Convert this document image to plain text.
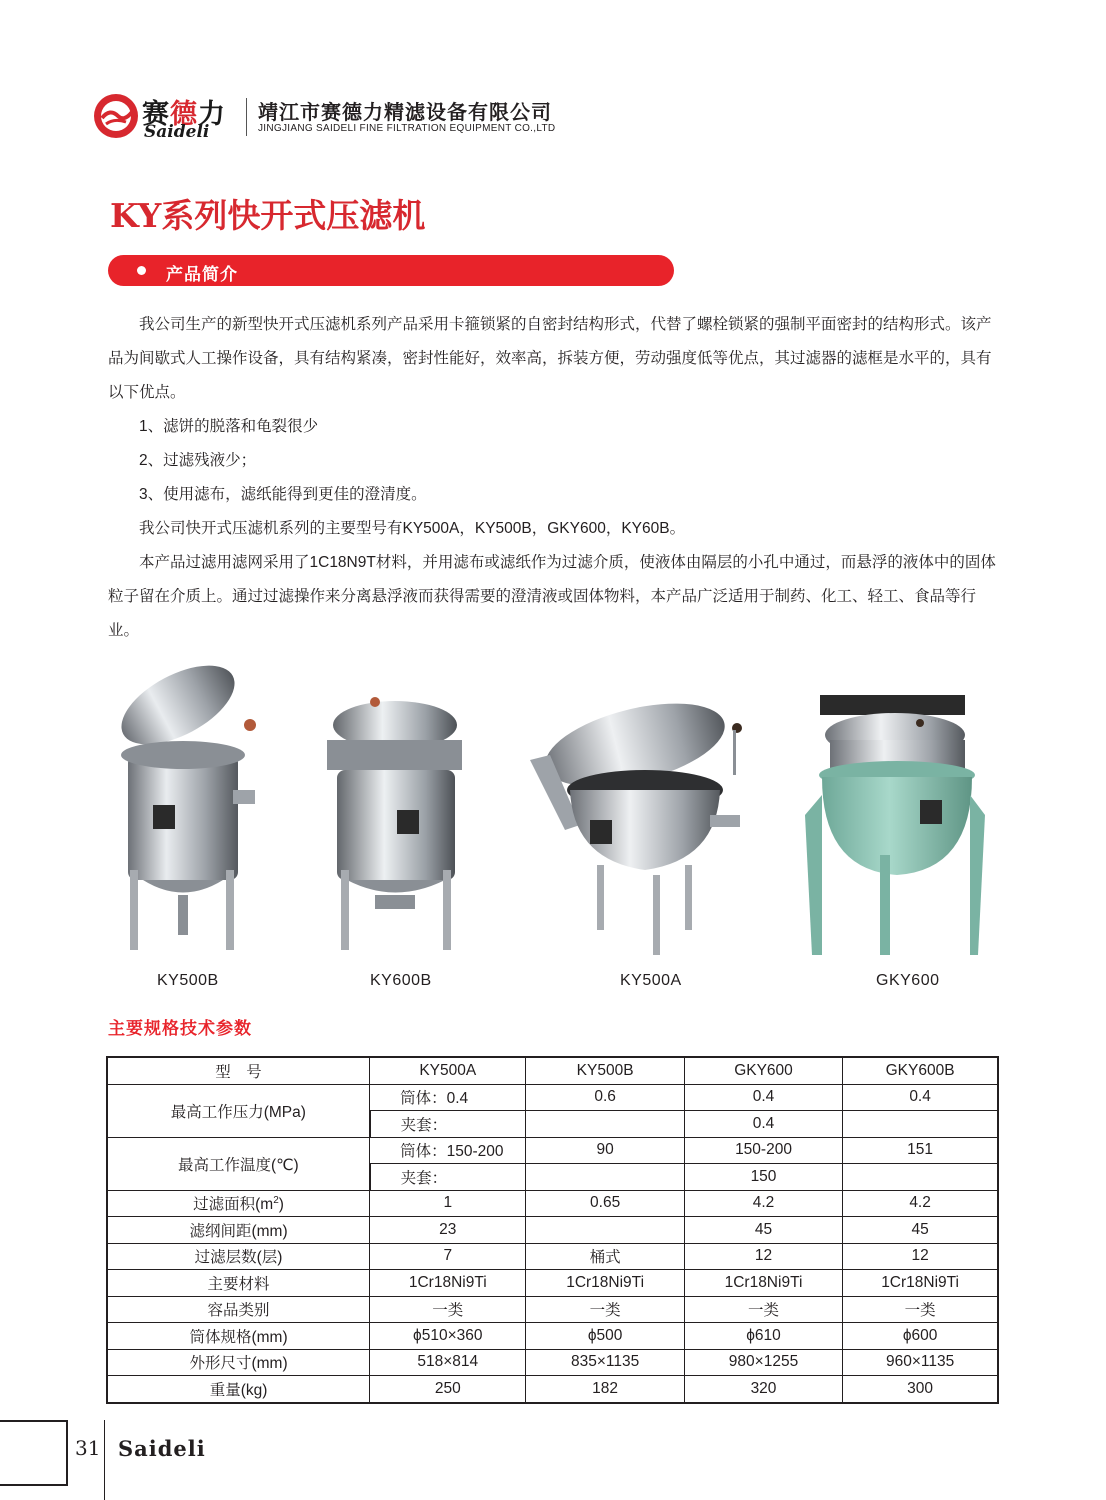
赛德力
Saideli
靖江市赛德力精滤设备有限公司
JINGJIANG SAIDELI FINE FILTRATION EQUIPMENT CO.,LTD
KY系列快开式压滤机
产品简介

我公司生产的新型快开式压滤机系列产品采用卡箍锁紧的自密封结构形式，代替了螺栓锁紧的强制平面密封的结构形式。该产品为间歇式人工操作设备，具有结构紧凑，密封性能好，效率高，拆装方便，劳动强度低等优点，其过滤器的滤框是水平的，具有以下优点。

1、滤饼的脱落和龟裂很少

2、过滤残液少；

3、使用滤布，滤纸能得到更佳的澄清度。

我公司快开式压滤机系列的主要型号有KY500A，KY500B，GKY600，KY60B。

本产品过滤用滤网采用了1C18N9T材料，并用滤布或滤纸作为过滤介质，使液体由隔层的小孔中通过，而悬浮的液体中的固体粒子留在介质上。通过过滤操作来分离悬浮液而获得需要的澄清液或固体物料，本产品广泛适用于制药、化工、轻工、食品等行业。

KY500B	KY600B	KY500A	GKY600
主要规格技术参数
型　号	KY500A	KY500B	GKY600	GKY600B
最高工作压力(MPa)	筒体：0.4	0.6	0.4	0.4
	夹套：		0.4	
最高工作温度(℃)	筒体：150-200	90	150-200	151
	夹套：		150	
过滤面积$(m^2)$	1	0.65	4.2	4.2
滤纲间距(mm)	23		45	45
过滤层数(层)	7	桶式	12	12
主要材料	1Cr18Ni9Ti	1Cr18Ni9Ti	1Cr18Ni9Ti	1Cr18Ni9Ti
容品类别	一类	一类	一类	一类
筒体规格(mm)	ϕ510×360	ϕ500	ϕ610	ϕ600
外形尺寸(mm)	518×814	835×1135	980×1255	960×1135
重量(kg)	250	182	320	300
31 Saideli
